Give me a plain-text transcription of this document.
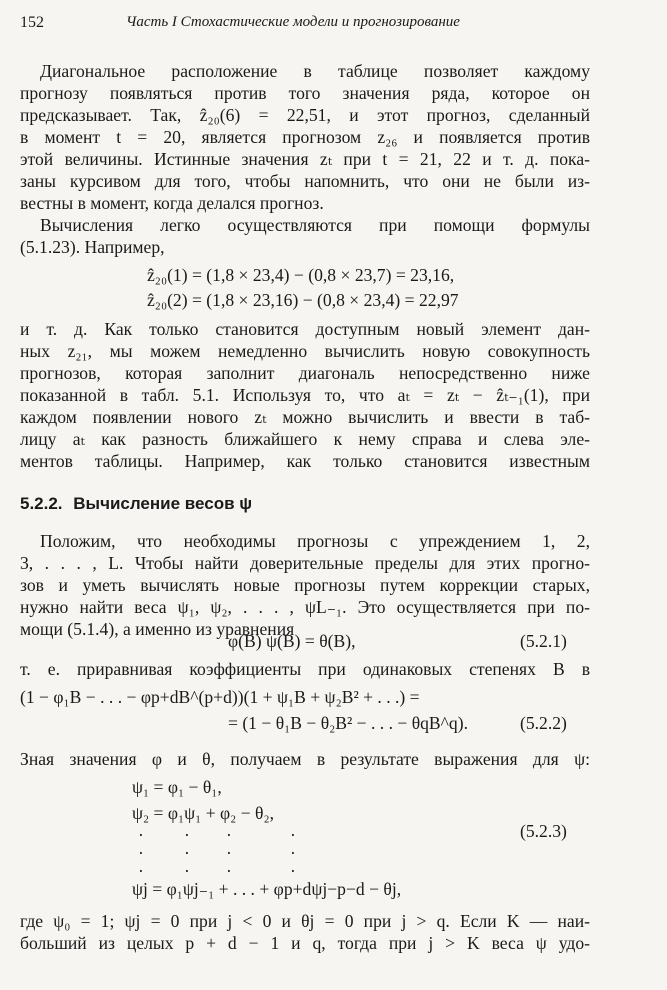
152	Часть I Стохастические модели и прогнозирование
Диагональное расположение в таблице позволяет каждому
прогнозу появляться против того значения ряда, которое он
предсказывает. Так, ẑ₂₀(6) = 22,51, и этот прогноз, сделанный
в момент t = 20, является прогнозом z₂₆ и появляется против
этой величины. Истинные значения zₜ при t = 21, 22 и т. д. пока-
заны курсивом для того, чтобы напомнить, что они не были из-
вестны в момент, когда делался прогноз.
Вычисления легко осуществляются при помощи формулы
(5.1.23). Например,
ẑ₂₀(1) = (1,8 × 23,4) − (0,8 × 23,7) = 23,16,
ẑ₂₀(2) = (1,8 × 23,16) − (0,8 × 23,4) = 22,97
и т. д. Как только становится доступным новый элемент дан-
ных z₂₁, мы можем немедленно вычислить новую совокупность
прогнозов, которая заполнит диагональ непосредственно ниже
показанной в табл. 5.1. Используя то, что aₜ = zₜ − ẑₜ₋₁(1), при
каждом появлении нового zₜ можно вычислить и ввести в таб-
лицу aₜ как разность ближайшего к нему справа и слева эле-
ментов таблицы. Например, как только становится известным
5.2.2. Вычисление весов ψ
Положим, что необходимы прогнозы с упреждением 1, 2,
3, . . . , L. Чтобы найти доверительные пределы для этих прогно-
зов и уметь вычислять новые прогнозы путем коррекции старых,
нужно найти веса ψ₁, ψ₂, . . . , ψL₋₁. Это осуществляется при по-
мощи (5.1.4), а именно из уравнения
φ(B) ψ(B) = θ(B),	(5.2.1)
т. е. приравнивая коэффициенты при одинаковых степенях B в
(1 − φ₁B − . . . − φp+dB^(p+d))(1 + ψ₁B + ψ₂B² + . . .) =
= (1 − θ₁B − θ₂B² − . . . − θqB^q).	(5.2.2)
Зная значения φ и θ, получаем в результате выражения для ψ:
ψ₁ = φ₁ − θ₁,
ψ₂ = φ₁ψ₁ + φ₂ − θ₂,
·
·
·
·
·
·
·
·
·
·
·
·
(5.2.3)
ψj = φ₁ψj₋₁ + . . . + φp+dψj−p−d − θj,
где ψ₀ = 1; ψj = 0 при j < 0 и θj = 0 при j > q. Если K — наи-
больший из целых p + d − 1 и q, тогда при j > K веса ψ удо-
